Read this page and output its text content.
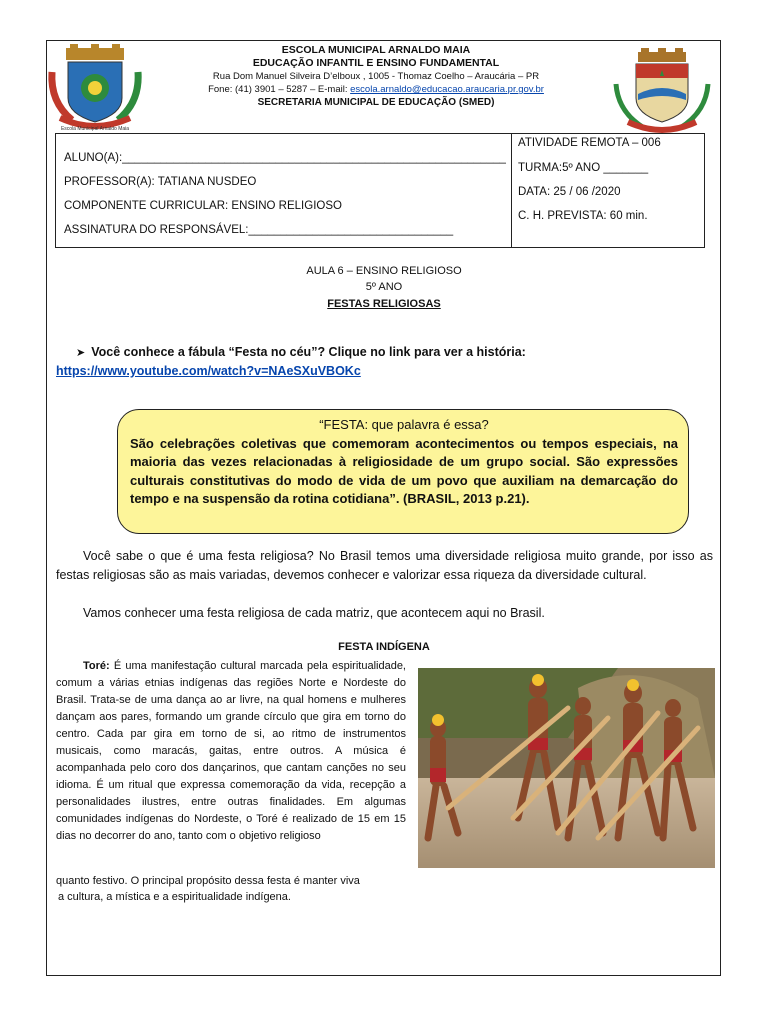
Escola Municipal Arnaldo Maia
ESCOLA MUNICIPAL ARNALDO MAIA
EDUCAÇÃO INFANTIL E ENSINO FUNDAMENTAL
Rua Dom Manuel Silveira D’elboux , 1005 - Thomaz Coelho – Araucária – PR
Fone: (41) 3901 – 5287 – E-mail: escola.arnaldo@educacao.araucaria.pr.gov.br
SECRETARIA MUNICIPAL DE EDUCAÇÃO (SMED)
ALUNO(A):____________________________________________________________
PROFESSOR(A): TATIANA NUSDEO
COMPONENTE CURRICULAR: ENSINO RELIGIOSO
ASSINATURA DO RESPONSÁVEL:________________________________
ATIVIDADE REMOTA – 006
TURMA:5º ANO _______
DATA: 25 / 06 /2020
C. H. PREVISTA: 60 min.
AULA 6 – ENSINO RELIGIOSO
5º ANO
FESTAS RELIGIOSAS
➤ Você conhece a fábula “Festa no céu”? Clique no link para ver a história:
https://www.youtube.com/watch?v=NAeSXuVBOKc
“FESTA: que palavra é essa?
São celebrações coletivas que comemoram acontecimentos ou tempos especiais, na maioria das vezes relacionadas à religiosidade de um grupo social. São expressões culturais constitutivas do modo de vida de um povo que auxiliam na demarcação do tempo e na suspensão da rotina cotidiana”. (BRASIL, 2013 p.21).
Você sabe o que é uma festa religiosa? No Brasil temos uma diversidade religiosa muito grande, por isso as festas religiosas são as mais variadas, devemos conhecer e valorizar essa riqueza da diversidade cultural.
Vamos conhecer uma festa religiosa de cada matriz, que acontecem aqui no Brasil.
FESTA INDÍGENA
Toré: É uma manifestação cultural marcada pela espiritualidade, comum a várias etnias indígenas das regiões Norte e Nordeste do Brasil. Trata-se de uma dança ao ar livre, na qual homens e mulheres dançam aos pares, formando um grande círculo que gira em torno do centro. Cada par gira em torno de si, ao ritmo de instrumentos musicais, como maracás, gaitas, entre outros. A música é acompanhada pelo coro dos dançarinos, que cantam canções no seu idioma. É um ritual que expressa comemoração da vida, recepção a personalidades ilustres, entre outras finalidades. Em algumas comunidades indígenas do Nordeste, o Toré é realizado de 15 em 15 dias no decorrer do ano, tanto com o objetivo religioso
quanto festivo. O principal propósito dessa festa é manter viva
a cultura, a mística e a espiritualidade indígena.
